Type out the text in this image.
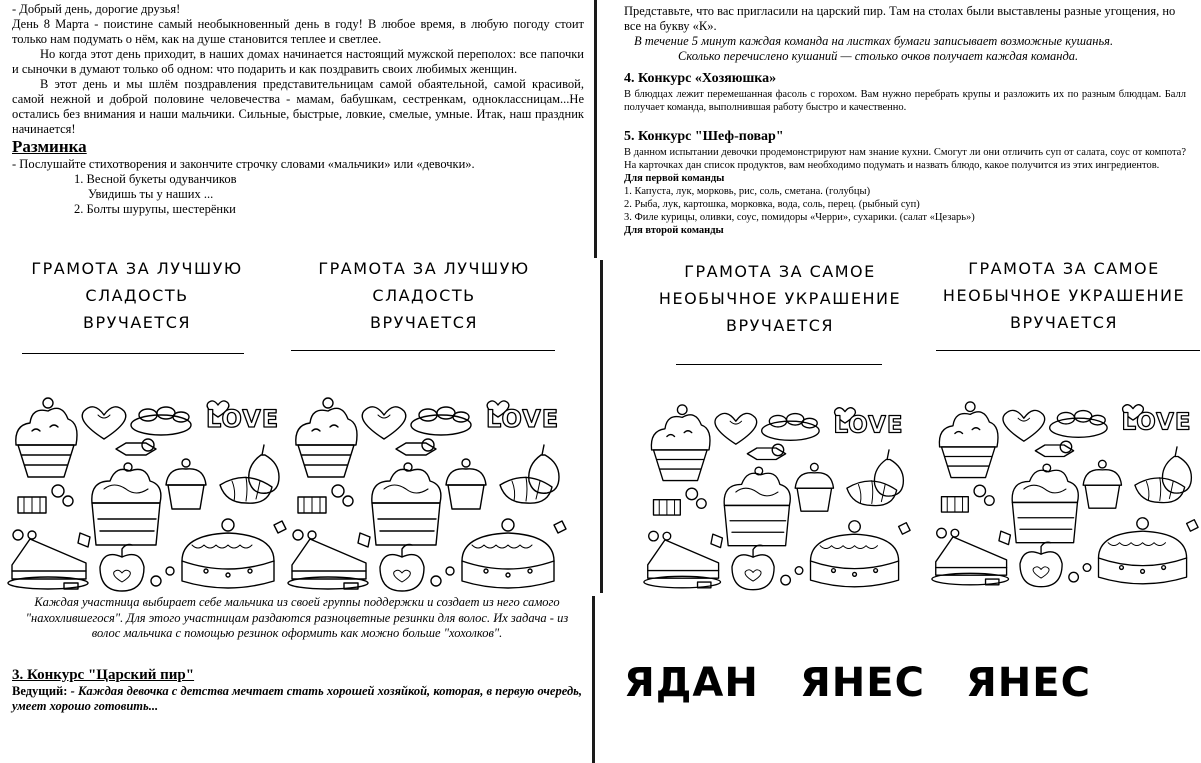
- Добрый день, дорогие друзья!

День 8 Марта - поистине самый необыкновенный день в году! В любое время, в любую погоду стоит только нам подумать о нём, как на душе становится теплее и светлее.

Но когда этот день приходит, в наших домах начинается настоящий мужской переполох: все папочки и сыночки в думают только об одном: что подарить и как поздравить своих любимых женщин.

В этот день и мы шлём поздравления представительницам самой обаятельной, самой красивой, самой нежной и доброй половине человечества - мамам, бабушкам, сестренкам, одноклассницам...Не остались без внимания и наши мальчики. Сильные, быстрые, ловкие, смелые, умные. Итак, наш праздник начинается!

Разминка

- Послушайте стихотворения и закончите строчку словами «мальчики» или «девочки».

1. Весной букеты одуванчиков

Увидишь ты у наших ...

2. Болты шурупы, шестерёнки

Представьте, что вас пригласили на царский пир. Там на столах были выставлены разные угощения, но все на букву «К».

В течение 5 минут каждая команда на листках бумаги записывает возможные кушанья.

Сколько перечислено кушаний — столько очков получает каждая команда.

4. Конкурс «Хозяюшка»

В блюдцах лежит перемешанная фасоль с горохом. Вам нужно перебрать крупы и разложить их по разным блюдцам. Балл получает команда, выполнившая работу быстро и качественно.

5. Конкурс "Шеф-повар"

В данном испытании девочки продемонстрируют нам знание кухни. Смогут ли они отличить суп от салата, соус от компота? На карточках дан список продуктов, вам необходимо подумать и назвать блюдо, какое получится из этих ингредиентов.

Для первой команды

1. Капуста, лук, морковь, рис, соль, сметана. (голубцы)

2. Рыба, лук, картошка, морковка, вода, соль, перец. (рыбный суп)

3. Филе курицы, оливки, соус, помидоры «Черри», сухарики. (салат «Цезарь»)

Для второй команды

ГРАМОТА ЗА ЛУЧШУЮ
СЛАДОСТЬ
ВРУЧАЕТСЯ
ГРАМОТА ЗА ЛУЧШУЮ
СЛАДОСТЬ
ВРУЧАЕТСЯ
ГРАМОТА ЗА САМОЕ
НЕОБЫЧНОЕ УКРАШЕНИЕ
ВРУЧАЕТСЯ
ГРАМОТА ЗА САМОЕ
НЕОБЫЧНОЕ УКРАШЕНИЕ
ВРУЧАЕТСЯ

Каждая участница выбирает себе мальчика из своей группы поддержки и создает из него самого "нахохлившегося". Для этого участницам раздаются разноцветные резинки для волос. Их задача - из волос мальчика с помощью резинок оформить как можно больше "хохолков".

3. Конкурс "Царский пир"

Ведущий: - Каждая девочка с детства мечтает стать хорошей хозяйкой, которая, в первую очередь, умеет хорошо готовить...	ЯДАН ЯНЕС ЯНЕС
